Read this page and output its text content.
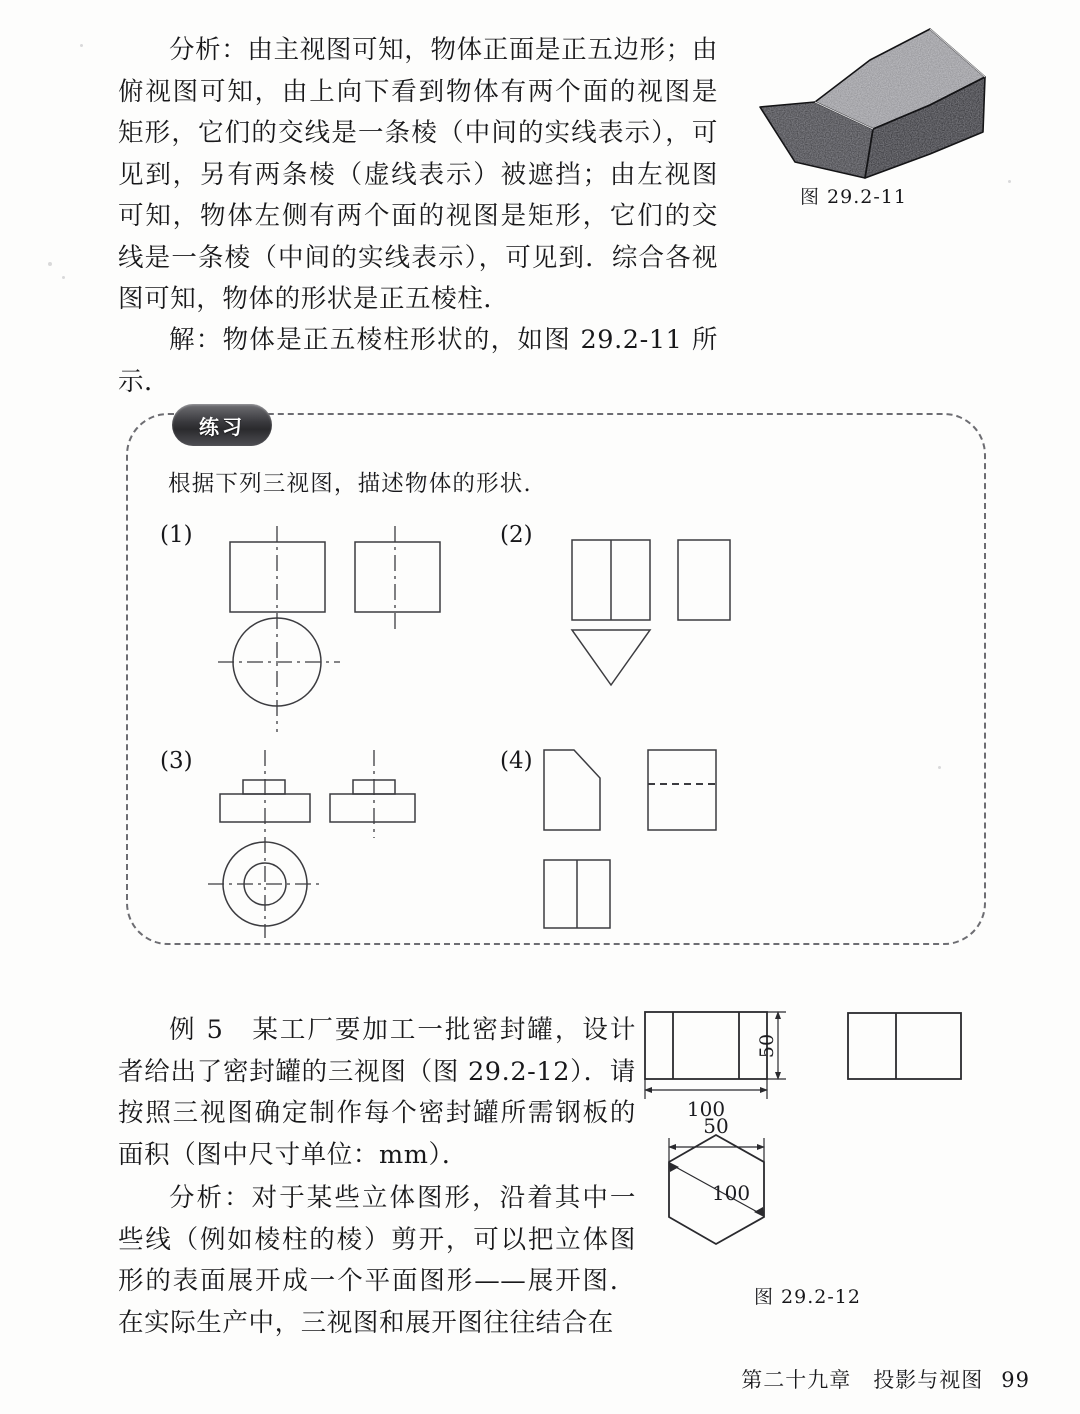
分析：由主视图可知，物体正面是正五边形；由俯视图可知，由上向下看到物体有两个面的视图是矩形，它们的交线是一条棱（中间的实线表示），可见到，另有两条棱（虚线表示）被遮挡；由左视图可知，物体左侧有两个面的视图是矩形，它们的交线是一条棱（中间的实线表示），可见到．综合各视图可知，物体的形状是正五棱柱．

解：物体是正五棱柱形状的，如图 29.2-11 所示．

图 29.2-11
练习
根据下列三视图，描述物体的形状.
(1)	(2)
(3)	(4)

例 5　某工厂要加工一批密封罐，设计者给出了密封罐的三视图（图 29.2-12）．请按照三视图确定制作每个密封罐所需钢板的面积（图中尺寸单位：mm）．

分析：对于某些立体图形，沿着其中一些线（例如棱柱的棱）剪开，可以把立体图形的表面展开成一个平面图形——展开图．在实际生产中，三视图和展开图往往结合在

50
100
50
100
图 29.2-12
第二十九章　投影与视图 99
